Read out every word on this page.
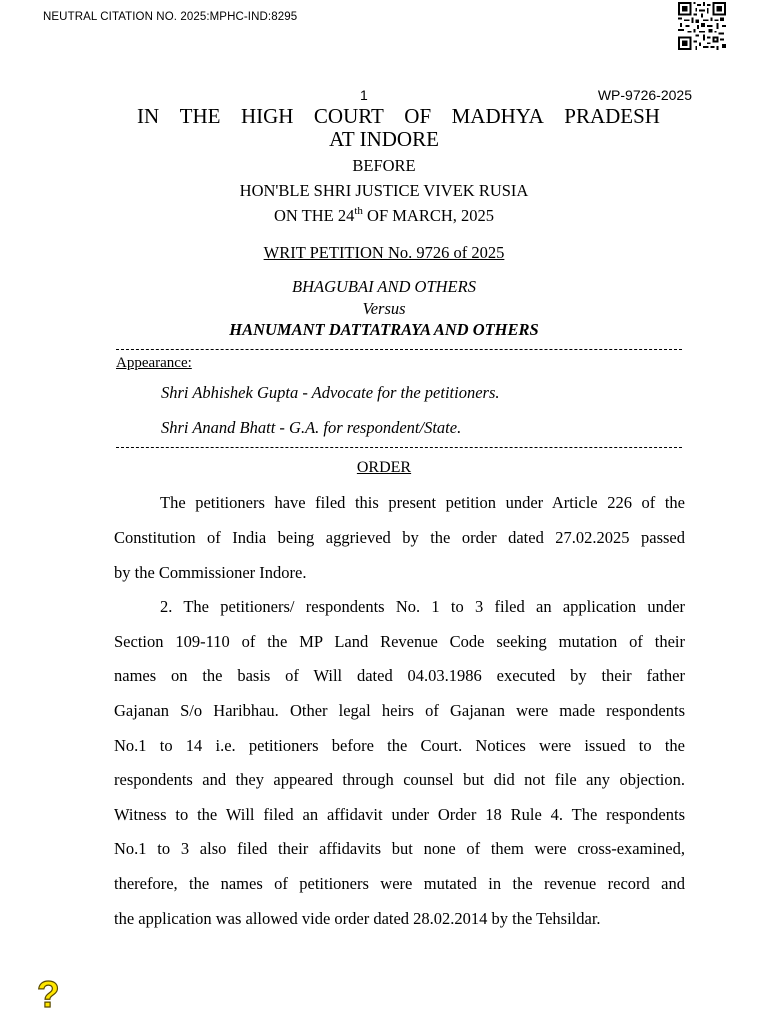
NEUTRAL CITATION NO. 2025:MPHC-IND:8295
1	WP-9726-2025
IN THE HIGH COURT OF MADHYA PRADESH
AT INDORE
BEFORE
HON'BLE SHRI JUSTICE VIVEK RUSIA
ON THE 24th OF MARCH, 2025
WRIT PETITION No. 9726 of 2025
BHAGUBAI AND OTHERS
Versus
HANUMANT DATTATRAYA AND OTHERS
Appearance:
Shri Abhishek Gupta - Advocate for the petitioners.
Shri Anand Bhatt - G.A. for respondent/State.
ORDER
The petitioners have filed this present petition under Article 226 of the
Constitution of India being aggrieved by the order dated 27.02.2025 passed
by the Commissioner Indore.
2. The petitioners/ respondents No. 1 to 3 filed an application under
Section 109-110 of the MP Land Revenue Code seeking mutation of their
names on the basis of Will dated 04.03.1986 executed by their father
Gajanan S/o Haribhau. Other legal heirs of Gajanan were made respondents
No.1 to 14 i.e. petitioners before the Court. Notices were issued to the
respondents and they appeared through counsel but did not file any objection.
Witness to the Will filed an affidavit under Order 18 Rule 4. The respondents
No.1 to 3 also filed their affidavits but none of them were cross-examined,
therefore, the names of petitioners were mutated in the revenue record and
the application was allowed vide order dated 28.02.2014 by the Tehsildar.
?
